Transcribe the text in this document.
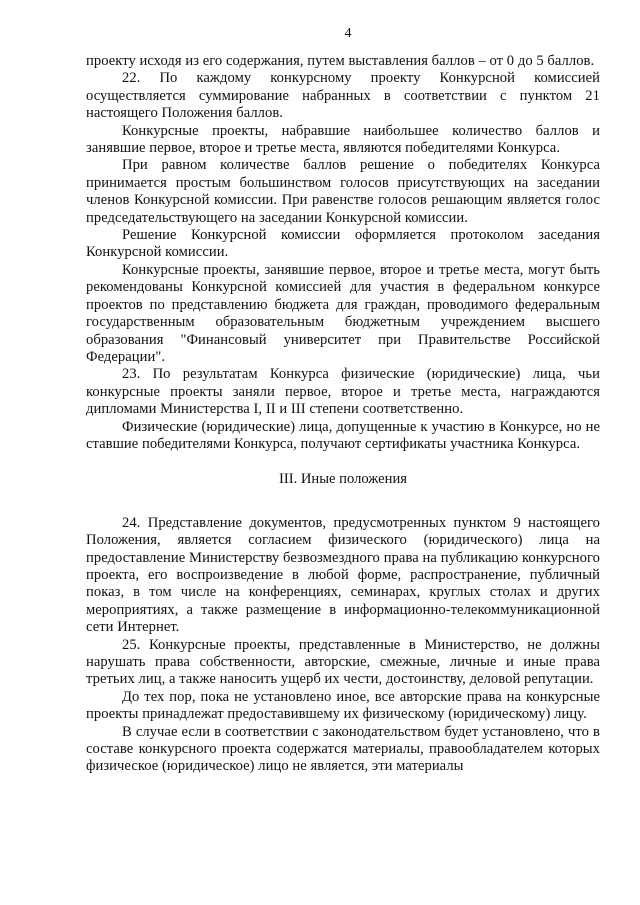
4

проекту исходя из его содержания, путем выставления баллов – от 0 до 5 баллов.

22. По каждому конкурсному проекту Конкурсной комиссией осуществляется суммирование набранных в соответствии с пунктом 21 настоящего Положения баллов.

Конкурсные проекты, набравшие наибольшее количество баллов и занявшие первое, второе и третье места, являются победителями Конкурса.

При равном количестве баллов решение о победителях Конкурса принимается простым большинством голосов присутствующих на заседании членов Конкурсной комиссии. При равенстве голосов решающим является голос председательствующего на заседании Конкурсной комиссии.

Решение Конкурсной комиссии оформляется протоколом заседания Конкурсной комиссии.

Конкурсные проекты, занявшие первое, второе и третье места, могут быть рекомендованы Конкурсной комиссией для участия в федеральном конкурсе проектов по представлению бюджета для граждан, проводимого федеральным государственным образовательным бюджетным учреждением высшего образования "Финансовый университет при Правительстве Российской Федерации".

23. По результатам Конкурса физические (юридические) лица, чьи конкурсные проекты заняли первое, второе и третье места, награждаются дипломами Министерства I, II и III степени соответственно.

Физические (юридические) лица, допущенные к участию в Конкурсе, но не ставшие победителями Конкурса, получают сертификаты участника Конкурса.

III. Иные положения

24. Представление документов, предусмотренных пунктом 9 настоящего Положения, является согласием физического (юридического) лица на предоставление Министерству безвозмездного права на публикацию конкурсного проекта, его воспроизведение в любой форме, распространение, публичный показ, в том числе на конференциях, семинарах, круглых столах и других мероприятиях, а также размещение в информационно-телекоммуникационной сети Интернет.

25. Конкурсные проекты, представленные в Министерство, не должны нарушать права собственности, авторские, смежные, личные и иные права третьих лиц, а также наносить ущерб их чести, достоинству, деловой репутации.

До тех пор, пока не установлено иное, все авторские права на конкурсные проекты принадлежат предоставившему их физическому (юридическому) лицу.

В случае если в соответствии с законодательством будет установлено, что в составе конкурсного проекта содержатся материалы, правообладателем которых физическое (юридическое) лицо не является, эти материалы
